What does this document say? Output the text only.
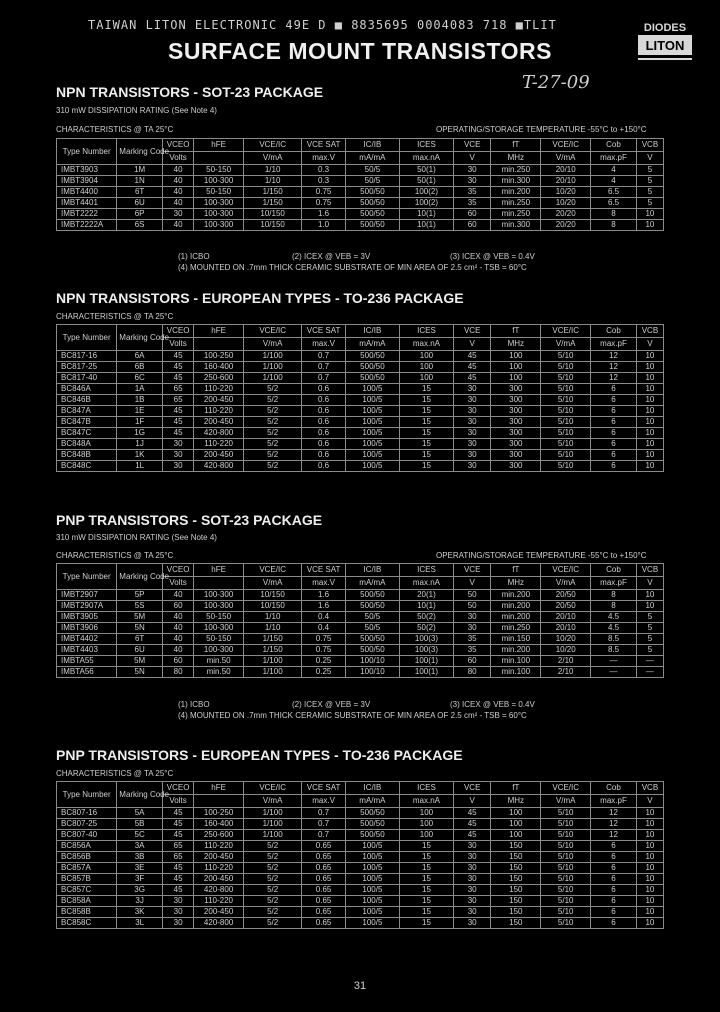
TAIWAN LITON ELECTRONIC 49E D ■ 8835695 0004083 718 ■TLIT	DIODES
LITON
SURFACE MOUNT TRANSISTORS
T-27-09
NPN TRANSISTORS - SOT-23 PACKAGE
310 mW DISSIPATION RATING (See Note 4)
CHARACTERISTICS @ TA 25°C	OPERATING/STORAGE TEMPERATURE -55°C to +150°C
Type Number	Marking Code	VCEO	hFE	VCE/IC	VCE SAT	IC/IB	ICES	VCE	fT	VCE/IC	Cob	VCB
		Volts		V/mA	max.V	mA/mA	max.nA	V	MHz	V/mA	max.pF	V
IMBT3903	1M	40	50-150	1/10	0.3	50/5	50(1)	30	min.250	20/10	4	5
IMBT3904	1N	40	100-300	1/10	0.3	50/5	50(1)	30	min.300	20/10	4	5
IMBT4400	6T	40	50-150	1/150	0.75	500/50	100(2)	35	min.200	10/20	6.5	5
IMBT4401	6U	40	100-300	1/150	0.75	500/50	100(2)	35	min.250	10/20	6.5	5
IMBT2222	6P	30	100-300	10/150	1.6	500/50	10(1)	60	min.250	20/20	8	10
IMBT2222A	6S	40	100-300	10/150	1.0	500/50	10(1)	60	min.300	20/20	8	10
(1) ICBO	(2) ICEX @ VEB = 3V	(3) ICEX @ VEB = 0.4V
(4) MOUNTED ON .7mm THICK CERAMIC SUBSTRATE OF MIN AREA OF 2.5 cm² - TSB = 60°C
NPN TRANSISTORS - EUROPEAN TYPES - TO-236 PACKAGE
CHARACTERISTICS @ TA 25°C
Type Number	Marking Code	VCEO	hFE	VCE/IC	VCE SAT	IC/IB	ICES	VCE	fT	VCE/IC	Cob	VCB
		Volts		V/mA	max.V	mA/mA	max.nA	V	MHz	V/mA	max.pF	V
BC817-16	6A	45	100-250	1/100	0.7	500/50	100	45	100	5/10	12	10
BC817-25	6B	45	160-400	1/100	0.7	500/50	100	45	100	5/10	12	10
BC817-40	6C	45	250-600	1/100	0.7	500/50	100	45	100	5/10	12	10
BC846A	1A	65	110-220	5/2	0.6	100/5	15	30	300	5/10	6	10
BC846B	1B	65	200-450	5/2	0.6	100/5	15	30	300	5/10	6	10
BC847A	1E	45	110-220	5/2	0.6	100/5	15	30	300	5/10	6	10
BC847B	1F	45	200-450	5/2	0.6	100/5	15	30	300	5/10	6	10
BC847C	1G	45	420-800	5/2	0.6	100/5	15	30	300	5/10	6	10
BC848A	1J	30	110-220	5/2	0.6	100/5	15	30	300	5/10	6	10
BC848B	1K	30	200-450	5/2	0.6	100/5	15	30	300	5/10	6	10
BC848C	1L	30	420-800	5/2	0.6	100/5	15	30	300	5/10	6	10
PNP TRANSISTORS - SOT-23 PACKAGE
310 mW DISSIPATION RATING (See Note 4)
CHARACTERISTICS @ TA 25°C	OPERATING/STORAGE TEMPERATURE -55°C to +150°C
Type Number	Marking Code	VCEO	hFE	VCE/IC	VCE SAT	IC/IB	ICES	VCE	fT	VCE/IC	Cob	VCB
		Volts		V/mA	max.V	mA/mA	max.nA	V	MHz	V/mA	max.pF	V
IMBT2907	5P	40	100-300	10/150	1.6	500/50	20(1)	50	min.200	20/50	8	10
IMBT2907A	5S	60	100-300	10/150	1.6	500/50	10(1)	50	min.200	20/50	8	10
IMBT3905	5M	40	50-150	1/10	0.4	50/5	50(2)	30	min.200	20/10	4.5	5
IMBT3906	5N	40	100-300	1/10	0.4	50/5	50(2)	30	min.250	20/10	4.5	5
IMBT4402	6T	40	50-150	1/150	0.75	500/50	100(3)	35	min.150	10/20	8.5	5
IMBT4403	6U	40	100-300	1/150	0.75	500/50	100(3)	35	min.200	10/20	8.5	5
IMBTA55	5M	60	min.50	1/100	0.25	100/10	100(1)	60	min.100	2/10	—	—
IMBTA56	5N	80	min.50	1/100	0.25	100/10	100(1)	80	min.100	2/10	—	—
(1) ICBO	(2) ICEX @ VEB = 3V	(3) ICEX @ VEB = 0.4V
(4) MOUNTED ON .7mm THICK CERAMIC SUBSTRATE OF MIN AREA OF 2.5 cm² - TSB = 60°C
PNP TRANSISTORS - EUROPEAN TYPES - TO-236 PACKAGE
CHARACTERISTICS @ TA 25°C
Type Number	Marking Code	VCEO	hFE	VCE/IC	VCE SAT	IC/IB	ICES	VCE	fT	VCE/IC	Cob	VCB
		Volts		V/mA	max.V	mA/mA	max.nA	V	MHz	V/mA	max.pF	V
BC807-16	5A	45	100-250	1/100	0.7	500/50	100	45	100	5/10	12	10
BC807-25	5B	45	160-400	1/100	0.7	500/50	100	45	100	5/10	12	10
BC807-40	5C	45	250-600	1/100	0.7	500/50	100	45	100	5/10	12	10
BC856A	3A	65	110-220	5/2	0.65	100/5	15	30	150	5/10	6	10
BC856B	3B	65	200-450	5/2	0.65	100/5	15	30	150	5/10	6	10
BC857A	3E	45	110-220	5/2	0.65	100/5	15	30	150	5/10	6	10
BC857B	3F	45	200-450	5/2	0.65	100/5	15	30	150	5/10	6	10
BC857C	3G	45	420-800	5/2	0.65	100/5	15	30	150	5/10	6	10
BC858A	3J	30	110-220	5/2	0.65	100/5	15	30	150	5/10	6	10
BC858B	3K	30	200-450	5/2	0.65	100/5	15	30	150	5/10	6	10
BC858C	3L	30	420-800	5/2	0.65	100/5	15	30	150	5/10	6	10
31
